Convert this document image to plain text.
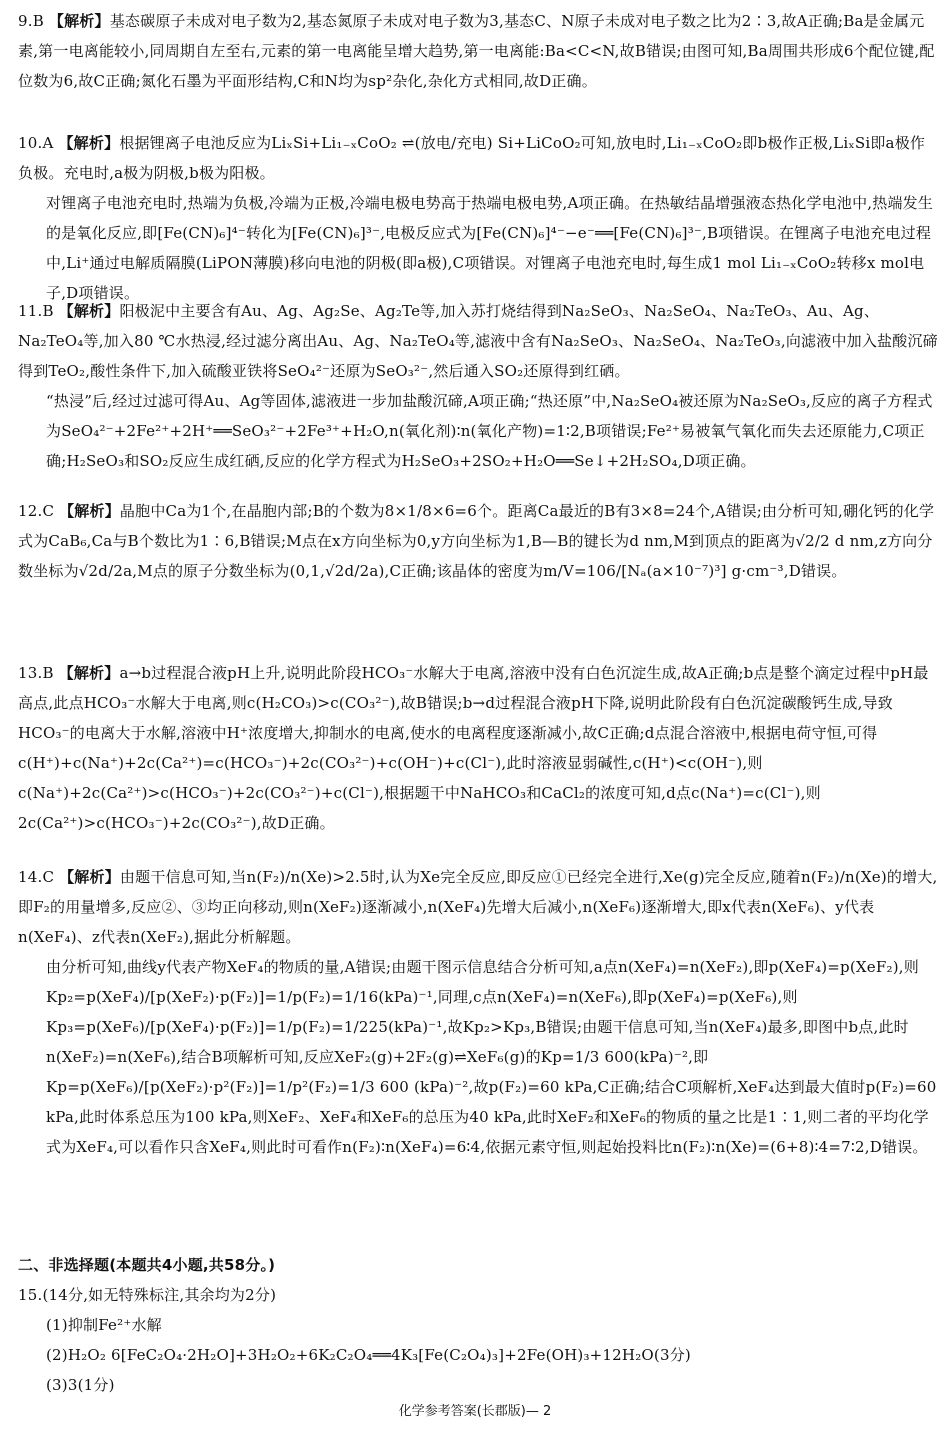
9.B 【解析】基态碳原子未成对电子数为2,基态氮原子未成对电子数为3,基态C、N原子未成对电子数之比为2∶3,故A正确;Ba是金属元素,第一电离能较小,同周期自左至右,元素的第一电离能呈增大趋势,第一电离能:Ba<C<N,故B错误;由图可知,Ba周围共形成6个配位键,配位数为6,故C正确;氮化石墨为平面形结构,C和N均为sp²杂化,杂化方式相同,故D正确。

10.A 【解析】根据锂离子电池反应为LiₓSi+Li₁₋ₓCoO₂ ⇌(放电/充电) Si+LiCoO₂可知,放电时,Li₁₋ₓCoO₂即b极作正极,LiₓSi即a极作负极。充电时,a极为阴极,b极为阳极。

对锂离子电池充电时,热端为负极,冷端为正极,冷端电极电势高于热端电极电势,A项正确。在热敏结晶增强液态热化学电池中,热端发生的是氧化反应,即[Fe(CN)₆]⁴⁻转化为[Fe(CN)₆]³⁻,电极反应式为[Fe(CN)₆]⁴⁻−e⁻══[Fe(CN)₆]³⁻,B项错误。在锂离子电池充电过程中,Li⁺通过电解质隔膜(LiPON薄膜)移向电池的阴极(即a极),C项错误。对锂离子电池充电时,每生成1 mol Li₁₋ₓCoO₂转移x mol电子,D项错误。

11.B 【解析】阳极泥中主要含有Au、Ag、Ag₂Se、Ag₂Te等,加入苏打烧结得到Na₂SeO₃、Na₂SeO₄、Na₂TeO₃、Au、Ag、Na₂TeO₄等,加入80 ℃水热浸,经过滤分离出Au、Ag、Na₂TeO₄等,滤液中含有Na₂SeO₃、Na₂SeO₄、Na₂TeO₃,向滤液中加入盐酸沉碲得到TeO₂,酸性条件下,加入硫酸亚铁将SeO₄²⁻还原为SeO₃²⁻,然后通入SO₂还原得到红硒。

“热浸”后,经过过滤可得Au、Ag等固体,滤液进一步加盐酸沉碲,A项正确;“热还原”中,Na₂SeO₄被还原为Na₂SeO₃,反应的离子方程式为SeO₄²⁻+2Fe²⁺+2H⁺══SeO₃²⁻+2Fe³⁺+H₂O,n(氧化剂)∶n(氧化产物)=1∶2,B项错误;Fe²⁺易被氧气氧化而失去还原能力,C项正确;H₂SeO₃和SO₂反应生成红硒,反应的化学方程式为H₂SeO₃+2SO₂+H₂O══Se↓+2H₂SO₄,D项正确。

12.C 【解析】晶胞中Ca为1个,在晶胞内部;B的个数为8×1/8×6=6个。距离Ca最近的B有3×8=24个,A错误;由分析可知,硼化钙的化学式为CaB₆,Ca与B个数比为1∶6,B错误;M点在x方向坐标为0,y方向坐标为1,B—B的键长为d nm,M到顶点的距离为√2/2 d nm,z方向分数坐标为√2d/2a,M点的原子分数坐标为(0,1,√2d/2a),C正确;该晶体的密度为m/V=106/[Nₐ(a×10⁻⁷)³] g·cm⁻³,D错误。

13.B 【解析】a→b过程混合液pH上升,说明此阶段HCO₃⁻水解大于电离,溶液中没有白色沉淀生成,故A正确;b点是整个滴定过程中pH最高点,此点HCO₃⁻水解大于电离,则c(H₂CO₃)>c(CO₃²⁻),故B错误;b→d过程混合液pH下降,说明此阶段有白色沉淀碳酸钙生成,导致HCO₃⁻的电离大于水解,溶液中H⁺浓度增大,抑制水的电离,使水的电离程度逐渐减小,故C正确;d点混合溶液中,根据电荷守恒,可得c(H⁺)+c(Na⁺)+2c(Ca²⁺)=c(HCO₃⁻)+2c(CO₃²⁻)+c(OH⁻)+c(Cl⁻),此时溶液显弱碱性,c(H⁺)<c(OH⁻),则c(Na⁺)+2c(Ca²⁺)>c(HCO₃⁻)+2c(CO₃²⁻)+c(Cl⁻),根据题干中NaHCO₃和CaCl₂的浓度可知,d点c(Na⁺)=c(Cl⁻),则2c(Ca²⁺)>c(HCO₃⁻)+2c(CO₃²⁻),故D正确。

14.C 【解析】由题干信息可知,当n(F₂)/n(Xe)>2.5时,认为Xe完全反应,即反应①已经完全进行,Xe(g)完全反应,随着n(F₂)/n(Xe)的增大,即F₂的用量增多,反应②、③均正向移动,则n(XeF₂)逐渐减小,n(XeF₄)先增大后减小,n(XeF₆)逐渐增大,即x代表n(XeF₆)、y代表n(XeF₄)、z代表n(XeF₂),据此分析解题。

由分析可知,曲线y代表产物XeF₄的物质的量,A错误;由题干图示信息结合分析可知,a点n(XeF₄)=n(XeF₂),即p(XeF₄)=p(XeF₂),则Kp₂=p(XeF₄)/[p(XeF₂)·p(F₂)]=1/p(F₂)=1/16(kPa)⁻¹,同理,c点n(XeF₄)=n(XeF₆),即p(XeF₄)=p(XeF₆),则Kp₃=p(XeF₆)/[p(XeF₄)·p(F₂)]=1/p(F₂)=1/225(kPa)⁻¹,故Kp₂>Kp₃,B错误;由题干信息可知,当n(XeF₄)最多,即图中b点,此时n(XeF₂)=n(XeF₆),结合B项解析可知,反应XeF₂(g)+2F₂(g)⇌XeF₆(g)的Kp=1/3 600(kPa)⁻²,即Kp=p(XeF₆)/[p(XeF₂)·p²(F₂)]=1/p²(F₂)=1/3 600 (kPa)⁻²,故p(F₂)=60 kPa,C正确;结合C项解析,XeF₄达到最大值时p(F₂)=60 kPa,此时体系总压为100 kPa,则XeF₂、XeF₄和XeF₆的总压为40 kPa,此时XeF₂和XeF₆的物质的量之比是1∶1,则二者的平均化学式为XeF₄,可以看作只含XeF₄,则此时可看作n(F₂)∶n(XeF₄)=6∶4,依据元素守恒,则起始投料比n(F₂)∶n(Xe)=(6+8)∶4=7∶2,D错误。

二、非选择题(本题共4小题,共58分。)

15.(14分,如无特殊标注,其余均为2分)

(1)抑制Fe²⁺水解

(2)H₂O₂ 6[FeC₂O₄·2H₂O]+3H₂O₂+6K₂C₂O₄══4K₃[Fe(C₂O₄)₃]+2Fe(OH)₃+12H₂O(3分)

(3)3(1分)

化学参考答案(长郡版)— 2
